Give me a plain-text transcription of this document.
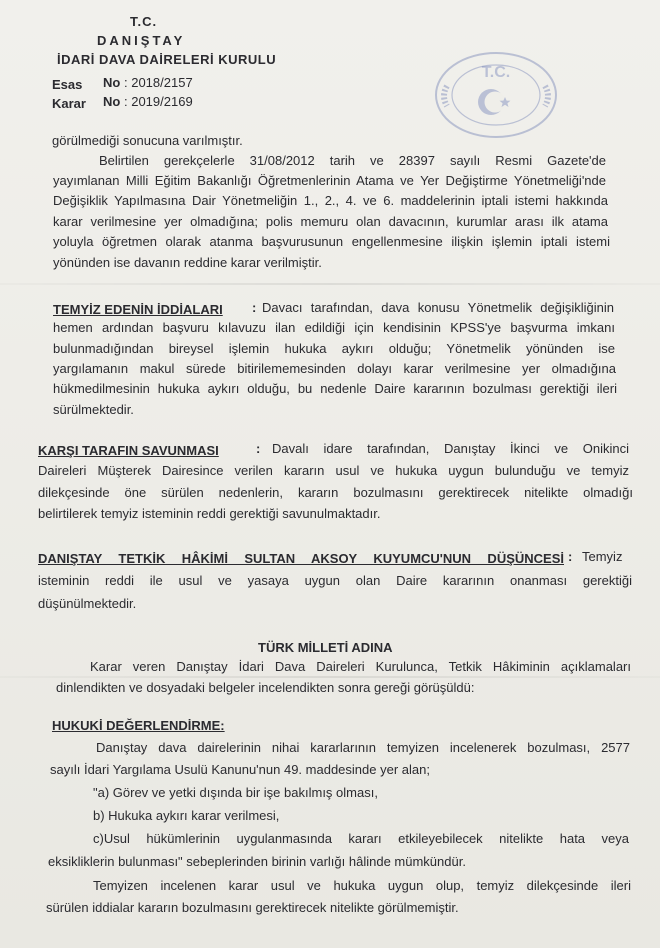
T.C.
DANIŞTAY
İDARİ DAVA DAİRELERİ KURULU
Esas No : 2018/2157
Karar No : 2019/2169
T.C.
görülmediği sonucuna varılmıştır.
Belirtilen gerekçelerle 31/08/2012 tarih ve 28397 sayılı Resmi Gazete'de
yayımlanan Milli Eğitim Bakanlığı Öğretmenlerinin Atama ve Yer Değiştirme Yönetmeliği'nde
Değişiklik Yapılmasına Dair Yönetmeliğin 1., 2., 4. ve 6. maddelerinin iptali istemi hakkında
karar verilmesine yer olmadığına; polis memuru olan davacının, kurumlar arası ilk atama
yoluyla öğretmen olarak atanma başvurusunun engellenmesine ilişkin işlemin iptali istemi
yönünden ise davanın reddine karar verilmiştir.
TEMYİZ EDENİN İDDİALARI : Davacı tarafından, dava konusu Yönetmelik değişikliğinin
hemen ardından başvuru kılavuzu ilan edildiği için kendisinin KPSS'ye başvurma imkanı
bulunmadığından bireysel işlemin hukuka aykırı olduğu; Yönetmelik yönünden ise
yargılamanın makul sürede bitirilememesinden dolayı karar verilmesine yer olmadığına
hükmedilmesinin hukuka aykırı olduğu, bu nedenle Daire kararının bozulması gerektiği ileri
sürülmektedir.
KARŞI TARAFIN SAVUNMASI	: Davalı idare tarafından, Danıştay İkinci ve Onikinci
Daireleri Müşterek Dairesince verilen kararın usul ve hukuka uygun bulunduğu ve temyiz
dilekçesinde öne sürülen nedenlerin, kararın bozulmasını gerektirecek nitelikte olmadığı
belirtilerek temyiz isteminin reddi gerektiği savunulmaktadır.
DANIŞTAY TETKİK HÂKİMİ SULTAN AKSOY KUYUMCU'NUN DÜŞÜNCESİ : Temyiz
isteminin reddi ile usul ve yasaya uygun olan Daire kararının onanması gerektiği
düşünülmektedir.
TÜRK MİLLETİ ADINA
Karar veren Danıştay İdari Dava Daireleri Kurulunca, Tetkik Hâkiminin açıklamaları
dinlendikten ve dosyadaki belgeler incelendikten sonra gereği görüşüldü:
HUKUKİ DEĞERLENDİRME:
Danıştay dava dairelerinin nihai kararlarının temyizen incelenerek bozulması, 2577
sayılı İdari Yargılama Usulü Kanunu'nun 49. maddesinde yer alan;
"a) Görev ve yetki dışında bir işe bakılmış olması,
b) Hukuka aykırı karar verilmesi,
c)Usul hükümlerinin uygulanmasında kararı etkileyebilecek nitelikte hata veya
eksikliklerin bulunması" sebeplerinden birinin varlığı hâlinde mümkündür.
Temyizen incelenen karar usul ve hukuka uygun olup, temyiz dilekçesinde ileri
sürülen iddialar kararın bozulmasını gerektirecek nitelikte görülmemiştir.
